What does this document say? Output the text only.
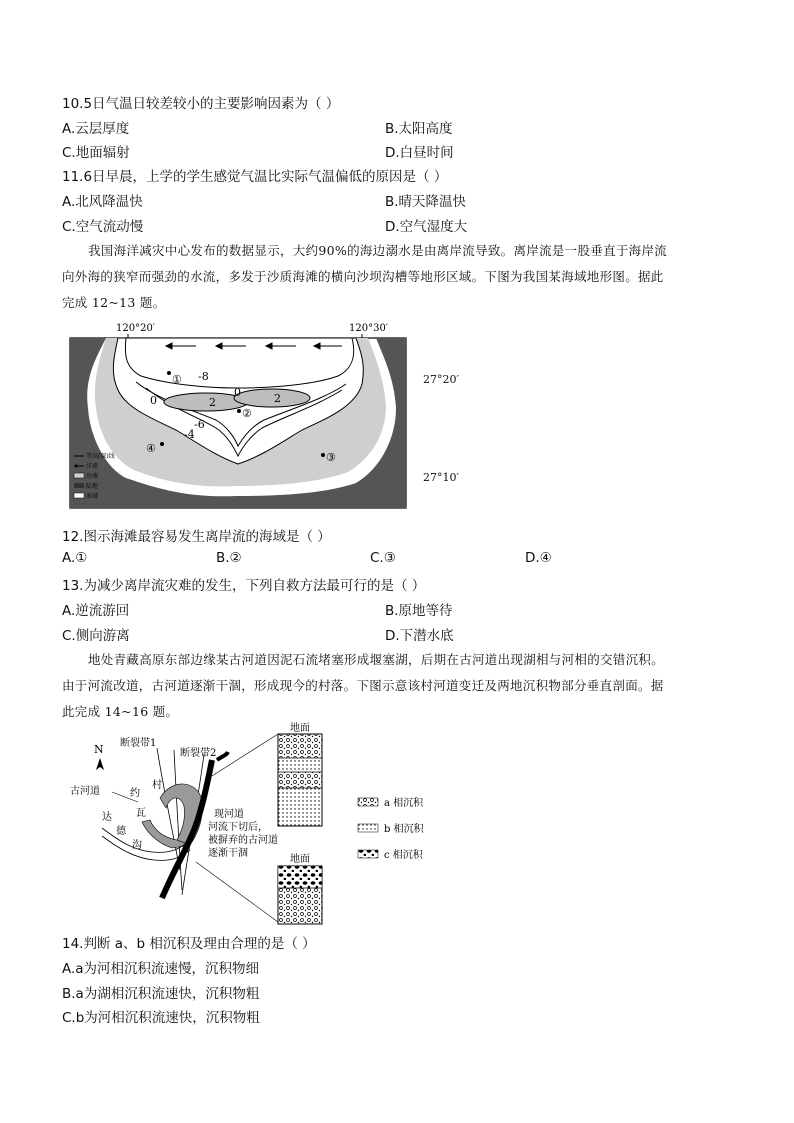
10.5日气温日较差较小的主要影响因素为（ ）
A.云层厚度	B.太阳高度
C.地面辐射	D.白昼时间
11.6日早晨，上学的学生感觉气温比实际气温偏低的原因是（ ）
A.北风降温快	B.晴天降温快
C.空气流动慢	D.空气湿度大
我国海洋减灾中心发布的数据显示，大约90%的海边溺水是由离岸流导致。离岸流是一股垂直于海岸流
向外海的狭窄而强劲的水流，多发于沙质海滩的横向沙坝沟槽等地形区域。下图为我国某海域地形图。据此
完成 12~13 题。
120°20′	120°30′
-8
-6
-4
0
0	2	2
①
②
③
④
等高(深)线
洋流
沙滩
陆地
海域
27°20′
27°10′
12.图示海滩最容易发生离岸流的海域是（ ）
A.①	B.②	C.③	D.④
13.为减少离岸流灾难的发生，下列自救方法最可行的是（ ）
A.逆流游回	B.原地等待
C.侧向游离	D.下潜水底
地处青藏高原东部边缘某古河道因泥石流堵塞形成堰塞湖，后期在古河道出现湖相与河相的交错沉积。
由于河流改道，古河道逐渐干涸，形成现今的村落。下图示意该村河道变迁及两地沉积物部分垂直剖面。据
此完成 14~16 题。
N 断裂带1
断裂带2
古河道	约
村
达 瓦
德
沟
现河道
河流下切后，
被摒弃的古河道
逐渐干涸
地面
地面
a 相沉积
b 相沉积
c 相沉积
14.判断 a、b 相沉积及理由合理的是（ ）
A.a为河相沉积流速慢，沉积物细
B.a为湖相沉积流速快，沉积物粗
C.b为河相沉积流速快，沉积物粗
